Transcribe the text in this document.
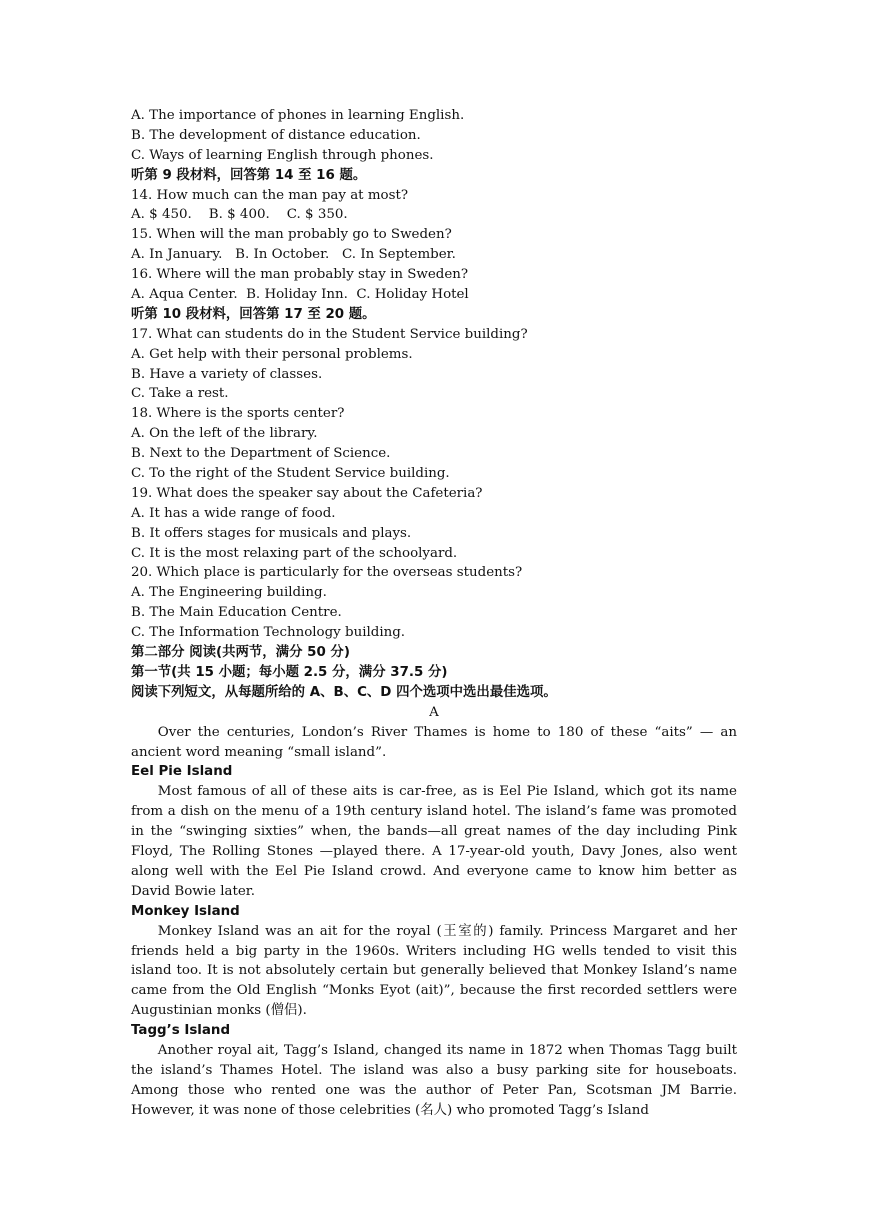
A. The importance of phones in learning English.
B. The development of distance education.
C. Ways of learning English through phones.
听第 9 段材料，回答第 14 至 16 题。
14. How much can the man pay at most?
A. $ 450.    B. $ 400.    C. $ 350.
15. When will the man probably go to Sweden?
A. In January.   B. In October.   C. In September.
16. Where will the man probably stay in Sweden?
A. Aqua Center.  B. Holiday Inn.  C. Holiday Hotel
听第 10 段材料，回答第 17 至 20 题。
17. What can students do in the Student Service building?
A. Get help with their personal problems.
B. Have a variety of classes.
C. Take a rest.
18. Where is the sports center?
A. On the left of the library.
B. Next to the Department of Science.
C. To the right of the Student Service building.
19. What does the speaker say about the Cafeteria?
A. It has a wide range of food.
B. It offers stages for musicals and plays.
C. It is the most relaxing part of the schoolyard.
20. Which place is particularly for the overseas students?
A. The Engineering building.
B. The Main Education Centre.
C. The Information Technology building.
第二部分 阅读(共两节，满分 50 分)
第一节(共 15 小题；每小题 2.5 分，满分 37.5 分)
阅读下列短文，从每题所给的 A、B、C、D 四个选项中选出最佳选项。
A
Over the centuries, London’s River Thames is home to 180 of these “aits” — an ancient word meaning “small island”.
Eel Pie Island
Most famous of all of these aits is car-free, as is Eel Pie Island, which got its name from a dish on the menu of a 19th century island hotel. The island’s fame was promoted in the “swinging sixties” when, the bands—all great names of the day including Pink Floyd, The Rolling Stones —played there. A 17-year-old youth, Davy Jones, also went along well with the Eel Pie Island crowd. And everyone came to know him better as David Bowie later.
Monkey Island
Monkey Island was an ait for the royal (王室的) family. Princess Margaret and her friends held a big party in the 1960s. Writers including HG wells tended to visit this island too. It is not absolutely certain but generally believed that Monkey Island’s name came from the Old English “Monks Eyot (ait)”, because the first recorded settlers were Augustinian monks (僧侣).
Tagg’s Island
Another royal ait, Tagg’s Island, changed its name in 1872 when Thomas Tagg built the island’s Thames Hotel. The island was also a busy parking site for houseboats. Among those who rented one was the author of Peter Pan, Scotsman JM Barrie. However, it was none of those celebrities (名人) who promoted Tagg’s Island
